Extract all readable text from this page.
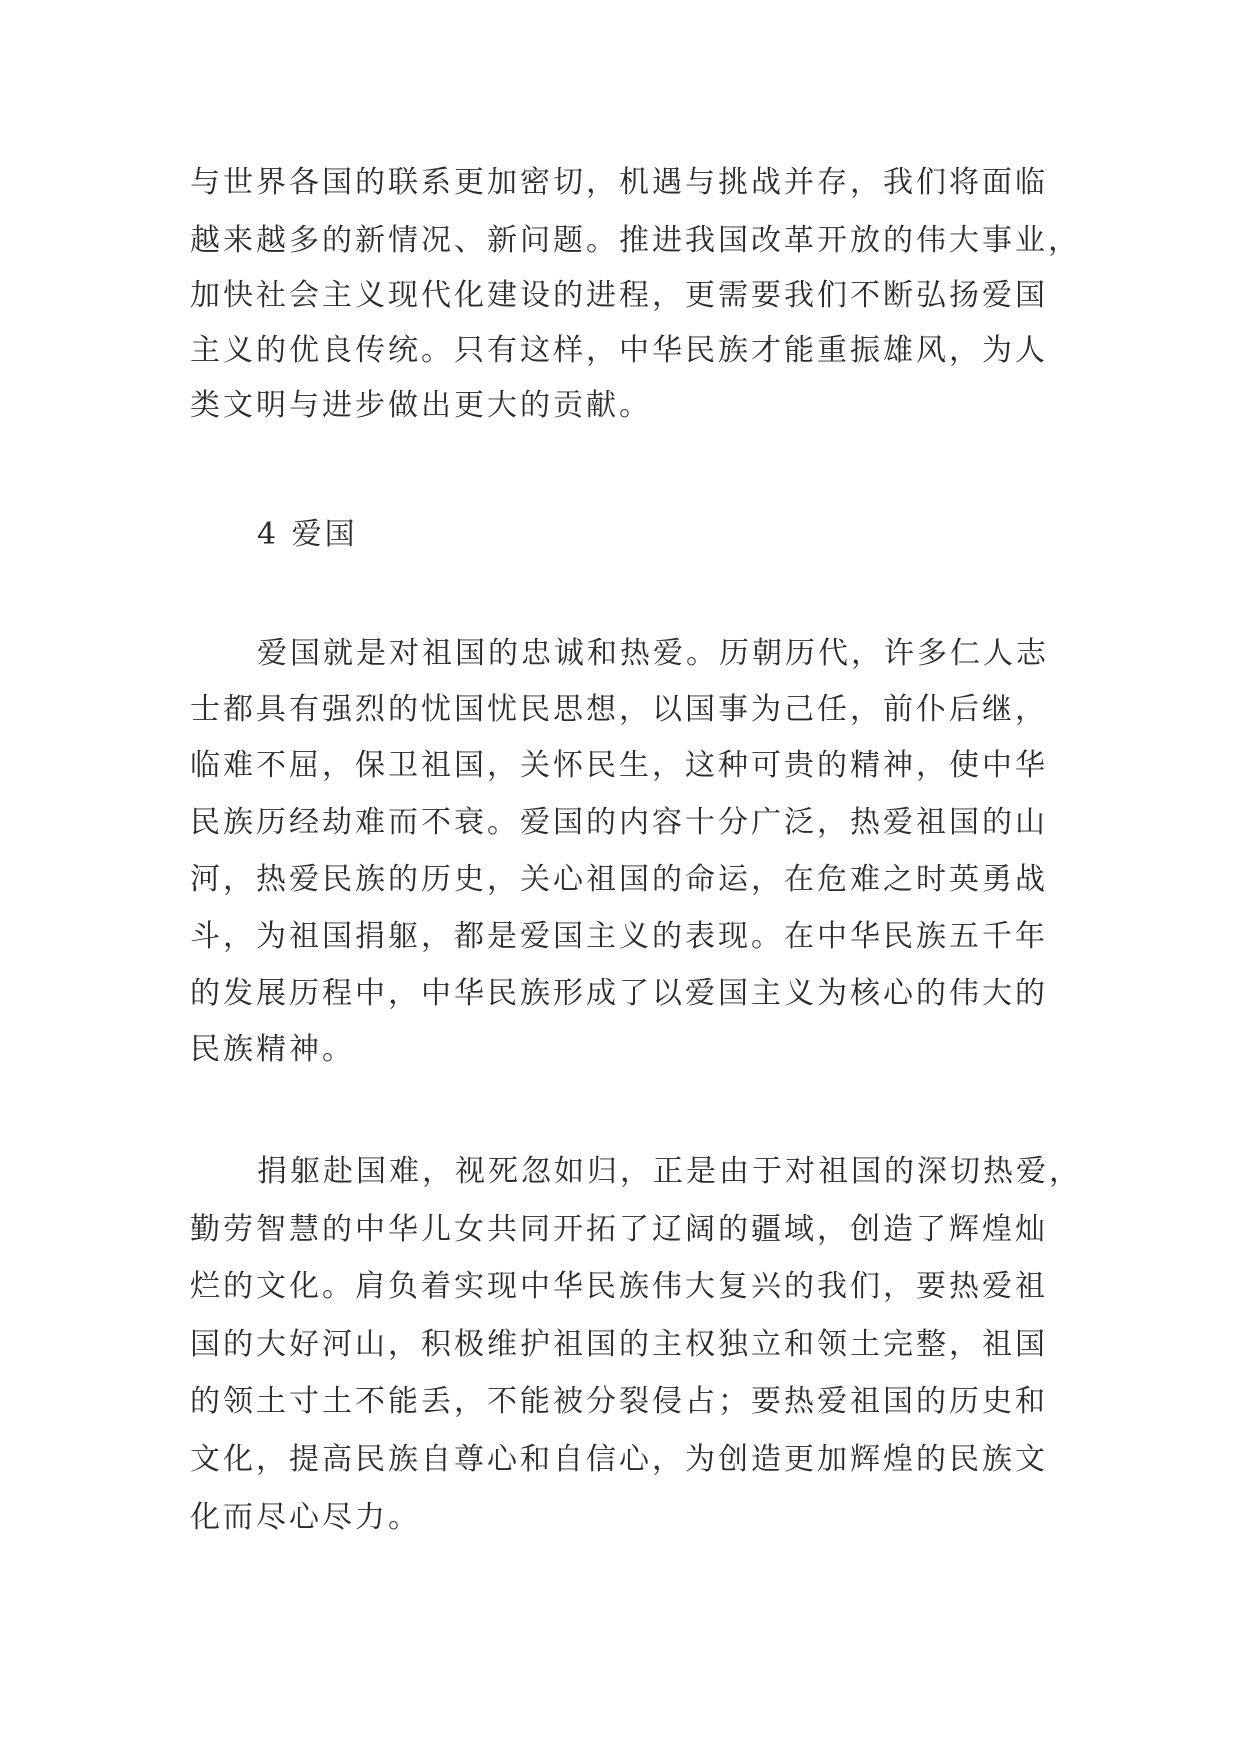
与世界各国的联系更加密切，机遇与挑战并存，我们将面临
越来越多的新情况、新问题。推进我国改革开放的伟大事业，
加快社会主义现代化建设的进程，更需要我们不断弘扬爱国
主义的优良传统。只有这样，中华民族才能重振雄风，为人
类文明与进步做出更大的贡献。
4 爱国
爱国就是对祖国的忠诚和热爱。历朝历代，许多仁人志
士都具有强烈的忧国忧民思想，以国事为己任，前仆后继，
临难不屈，保卫祖国，关怀民生，这种可贵的精神，使中华
民族历经劫难而不衰。爱国的内容十分广泛，热爱祖国的山
河，热爱民族的历史，关心祖国的命运，在危难之时英勇战
斗，为祖国捐躯，都是爱国主义的表现。在中华民族五千年
的发展历程中，中华民族形成了以爱国主义为核心的伟大的
民族精神。
捐躯赴国难，视死忽如归，正是由于对祖国的深切热爱，
勤劳智慧的中华儿女共同开拓了辽阔的疆域，创造了辉煌灿
烂的文化。肩负着实现中华民族伟大复兴的我们，要热爱祖
国的大好河山，积极维护祖国的主权独立和领土完整，祖国
的领土寸土不能丢，不能被分裂侵占；要热爱祖国的历史和
文化，提高民族自尊心和自信心，为创造更加辉煌的民族文
化而尽心尽力。
